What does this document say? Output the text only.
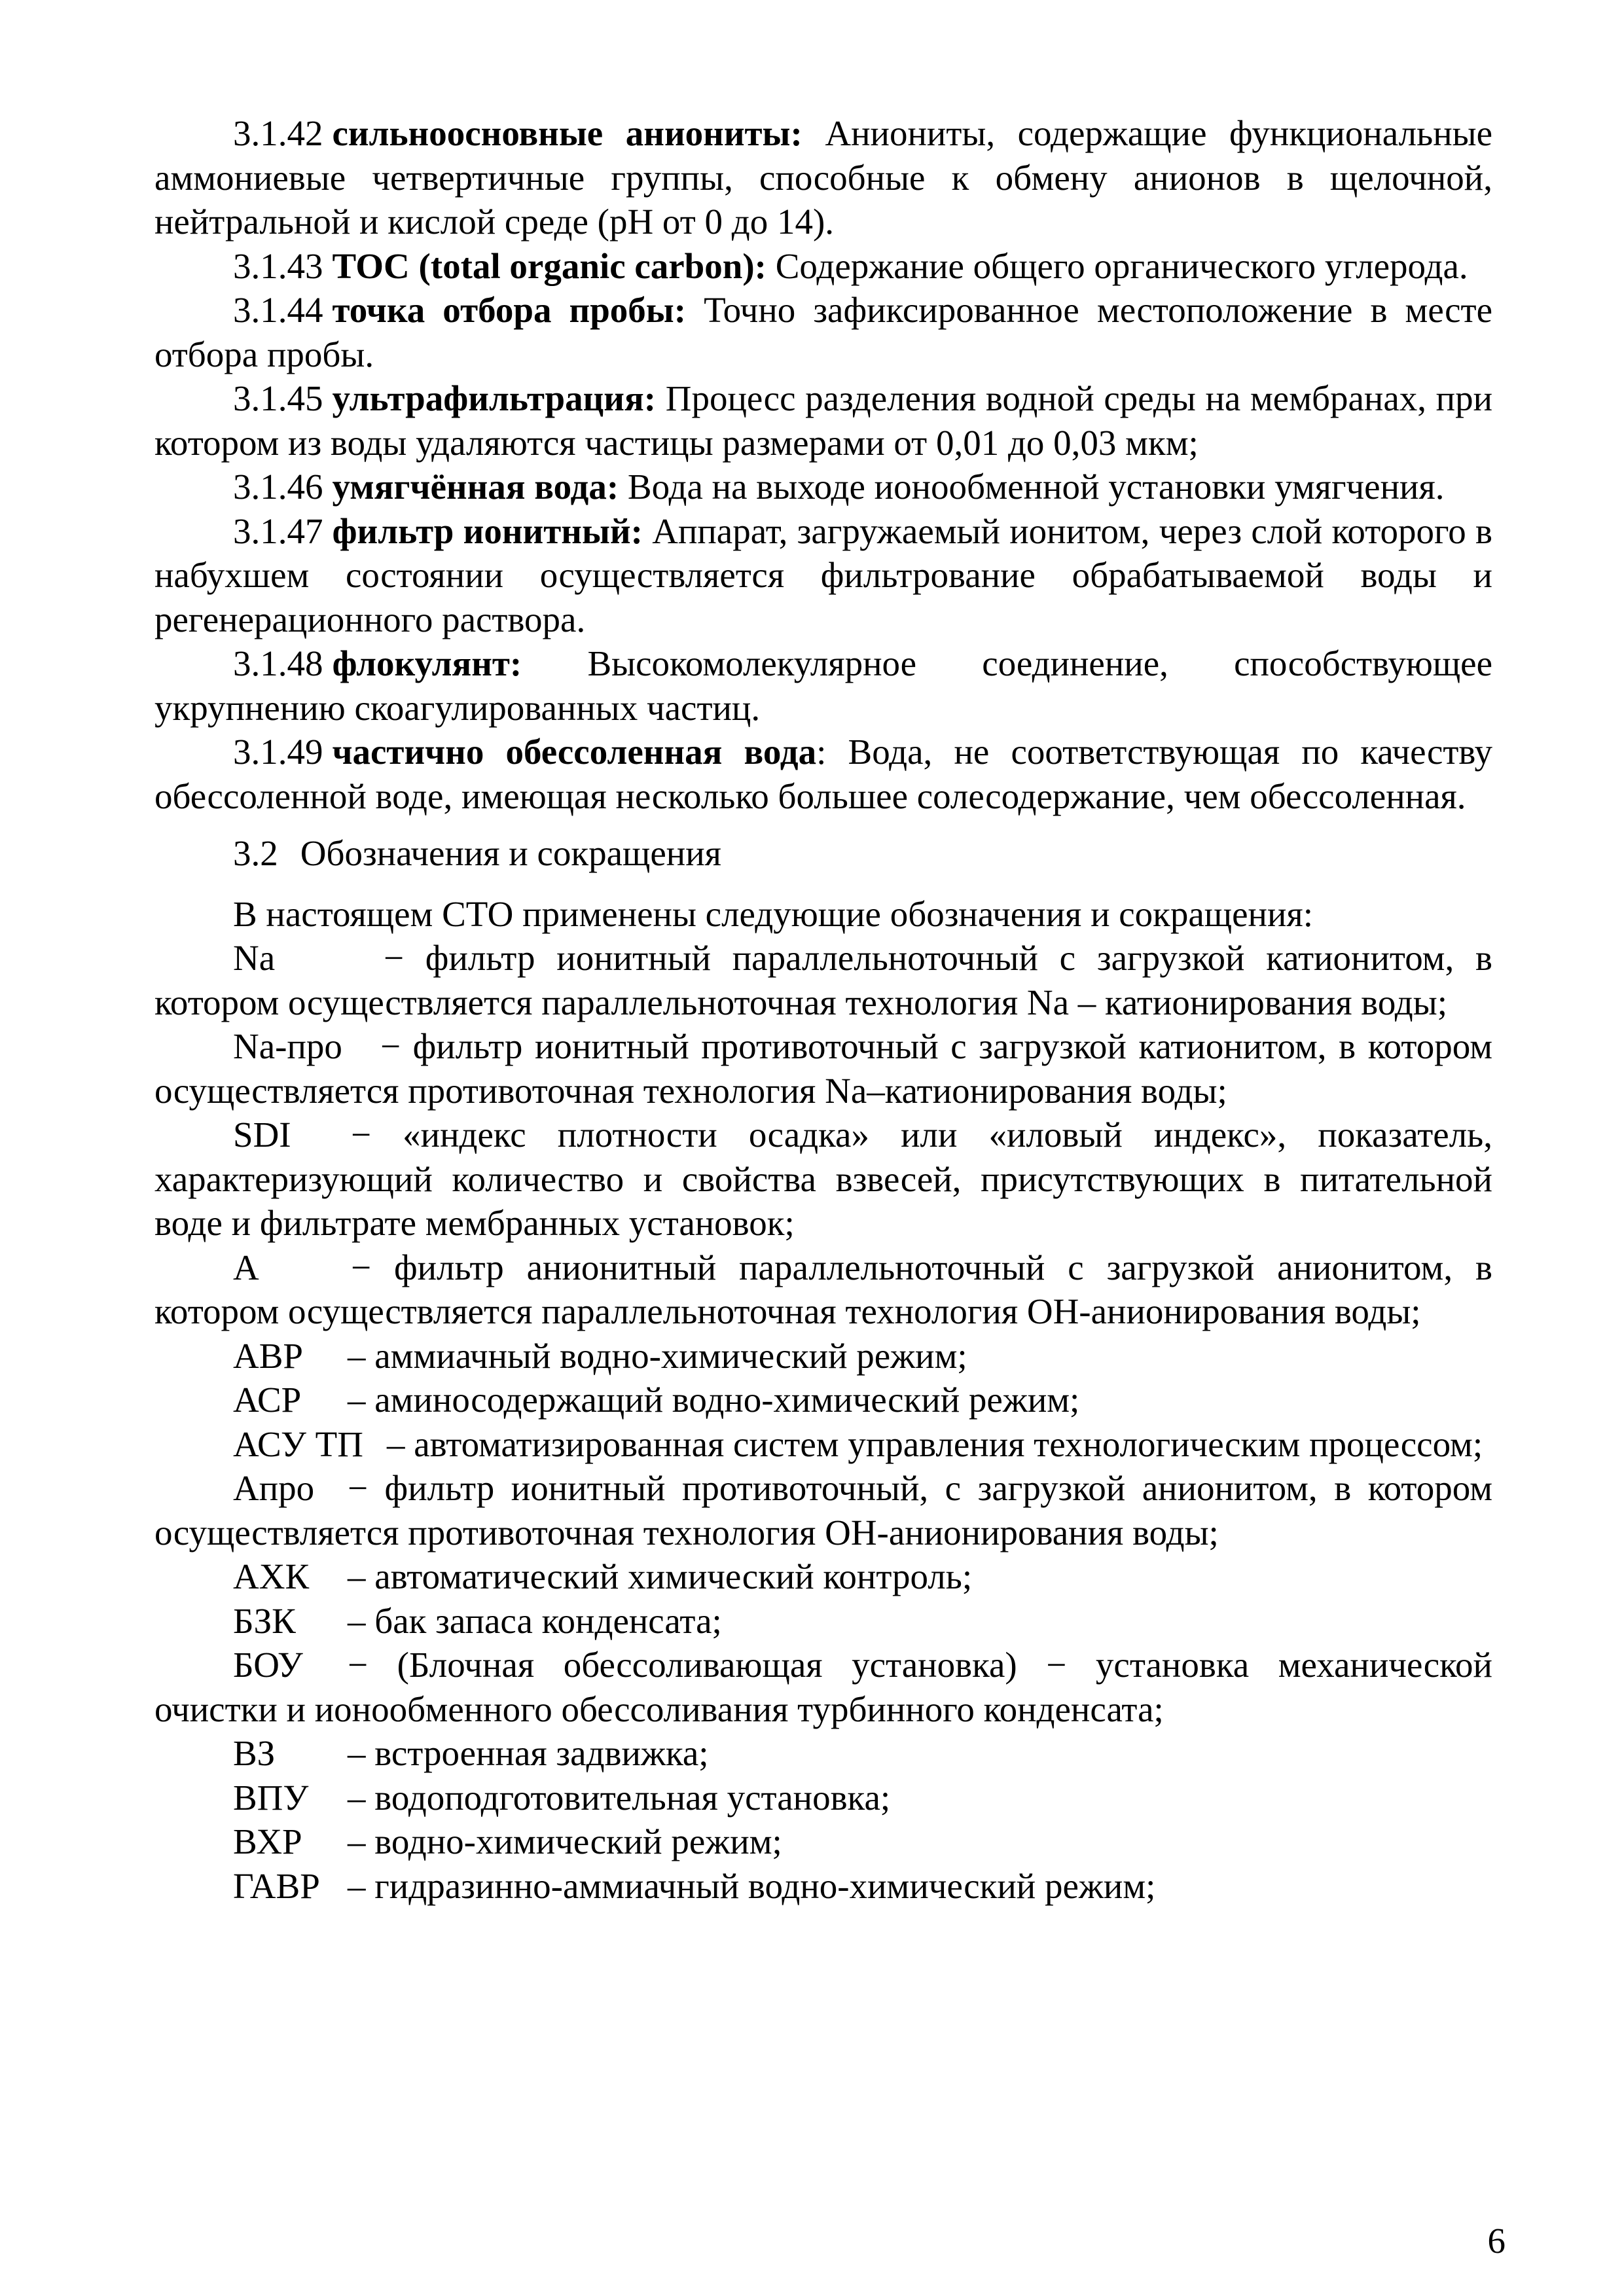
3.1.42 сильноосновные аниониты: Аниониты, содержащие функциональные аммониевые четвертичные группы, способные к обмену анионов в щелочной, нейтральной и кислой среде (pH от 0 до 14).

3.1.43 TOC (total organic carbon): Содержание общего органического углерода.

3.1.44 точка отбора пробы: Точно зафиксированное местоположение в месте отбора пробы.

3.1.45 ультрафильтрация: Процесс разделения водной среды на мембранах, при котором из воды удаляются частицы размерами от 0,01 до 0,03 мкм;

3.1.46 умягчённая вода: Вода на выходе ионообменной установки умягчения.

3.1.47 фильтр ионитный: Аппарат, загружаемый ионитом, через слой которого в набухшем состоянии осуществляется фильтрование обрабатываемой воды и регенерационного раствора.

3.1.48 флокулянт: Высокомолекулярное соединение, способствующее укрупнению скоагулированных частиц.

3.1.49 частично обессоленная вода: Вода, не соответствующая по качеству обессоленной воде, имеющая несколько большее солесодержание, чем обессоленная.

3.2 Обозначения и сокращения

В настоящем СТО применены следующие обозначения и сокращения:

Na	− фильтр ионитный параллельноточный с загрузкой катионитом, в котором осуществляется параллельноточная технология Na – катионирования воды;

Na-про − фильтр ионитный противоточный с загрузкой катионитом, в котором осуществляется противоточная технология Na–катионирования воды;

SDI − «индекс плотности осадка» или «иловый индекс», показатель, характеризующий количество и свойства взвесей, присутствующих в питательной воде и фильтрате мембранных установок;

А	− фильтр анионитный параллельноточный с загрузкой анионитом, в котором осуществляется параллельноточная технология ОН-анионирования воды;

АВР – аммиачный водно-химический режим;

АСР – аминосодержащий водно-химический режим;

АСУ ТП – автоматизированная систем управления технологическим процессом;

Апро − фильтр ионитный противоточный, с загрузкой анионитом, в котором осуществляется противоточная технология ОН-анионирования воды;

АХК – автоматический химический контроль;

БЗК – бак запаса конденсата;

БОУ − (Блочная обессоливающая установка) − установка механической очистки и ионообменного обессоливания турбинного конденсата;

ВЗ – встроенная задвижка;

ВПУ – водоподготовительная установка;

ВХР – водно-химический режим;

ГАВР – гидразинно-аммиачный водно-химический режим;

6
